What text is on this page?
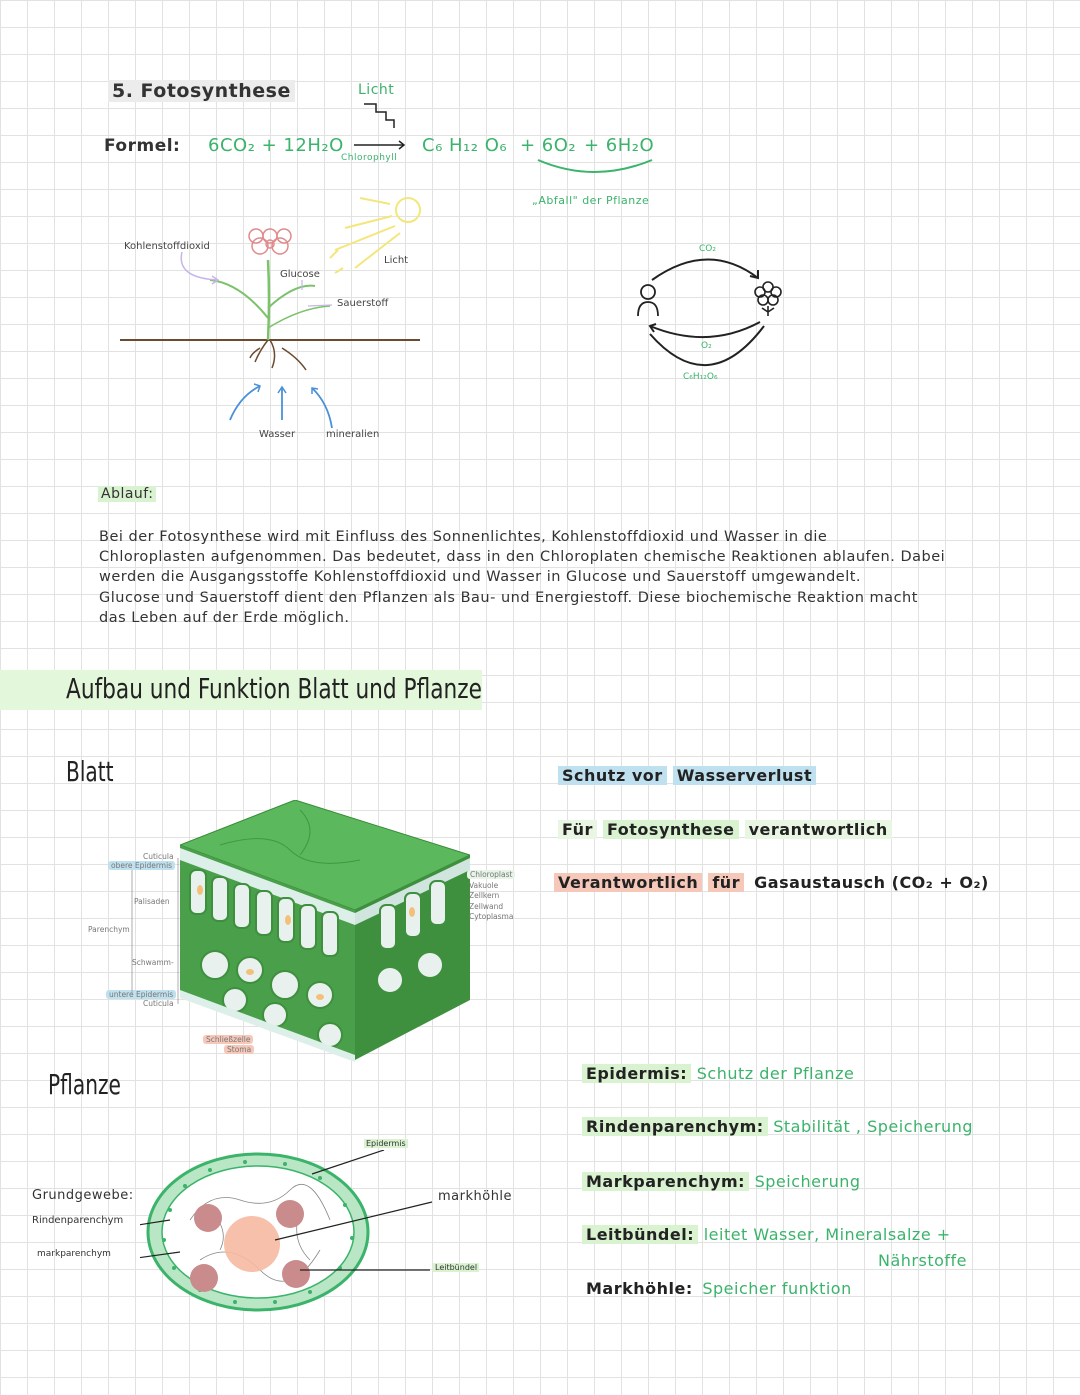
5. Fotosynthese	Licht
Formel: 6CO₂ + 12H₂O →
Chlorophyll
C₆ H₁₂ O₆ + 6O₂ + 6H₂O
„Abfall" der Pflanze
Kohlenstoffdioxid
Glucose
Licht
Sauerstoff
Wasser	mineralien
CO₂
O₂
C₆H₁₂O₆
Ablauf:

Bei der Fotosynthese wird mit Einfluss des Sonnenlichtes, Kohlenstoffdioxid und Wasser in die

Chloroplasten aufgenommen. Das bedeutet, dass in den Chloroplaten chemische Reaktionen ablaufen. Dabei

werden die Ausgangsstoffe Kohlenstoffdioxid und Wasser in Glucose und Sauerstoff umgewandelt.

Glucose und Sauerstoff dient den Pflanzen als Bau- und Energiestoff. Diese biochemische Reaktion macht

das Leben auf der Erde möglich.

Aufbau und Funktion Blatt und Pflanze
Blatt
Cuticula
obere Epidermis
Palisaden
Parenchym
Schwamm-
untere Epidermis
Cuticula
Schließzelle
Stoma
Chloroplast
Vakuole
Zellkern
Zellwand
Cytoplasma
Schutz vor Wasserverlust
Für Fotosynthese verantwortlich
Verantwortlich für Gasaustausch (CO₂ + O₂)
Pflanze
Epidermis
Grundgewebe:
Rindenparenchym
markparenchym
markhöhle
Leitbündel
Epidermis: Schutz der Pflanze
Rindenparenchym: Stabilität , Speicherung
Markparenchym: Speicherung
Leitbündel: leitet Wasser, Mineralsalze +
Nährstoffe
Markhöhle: Speicher funktion
